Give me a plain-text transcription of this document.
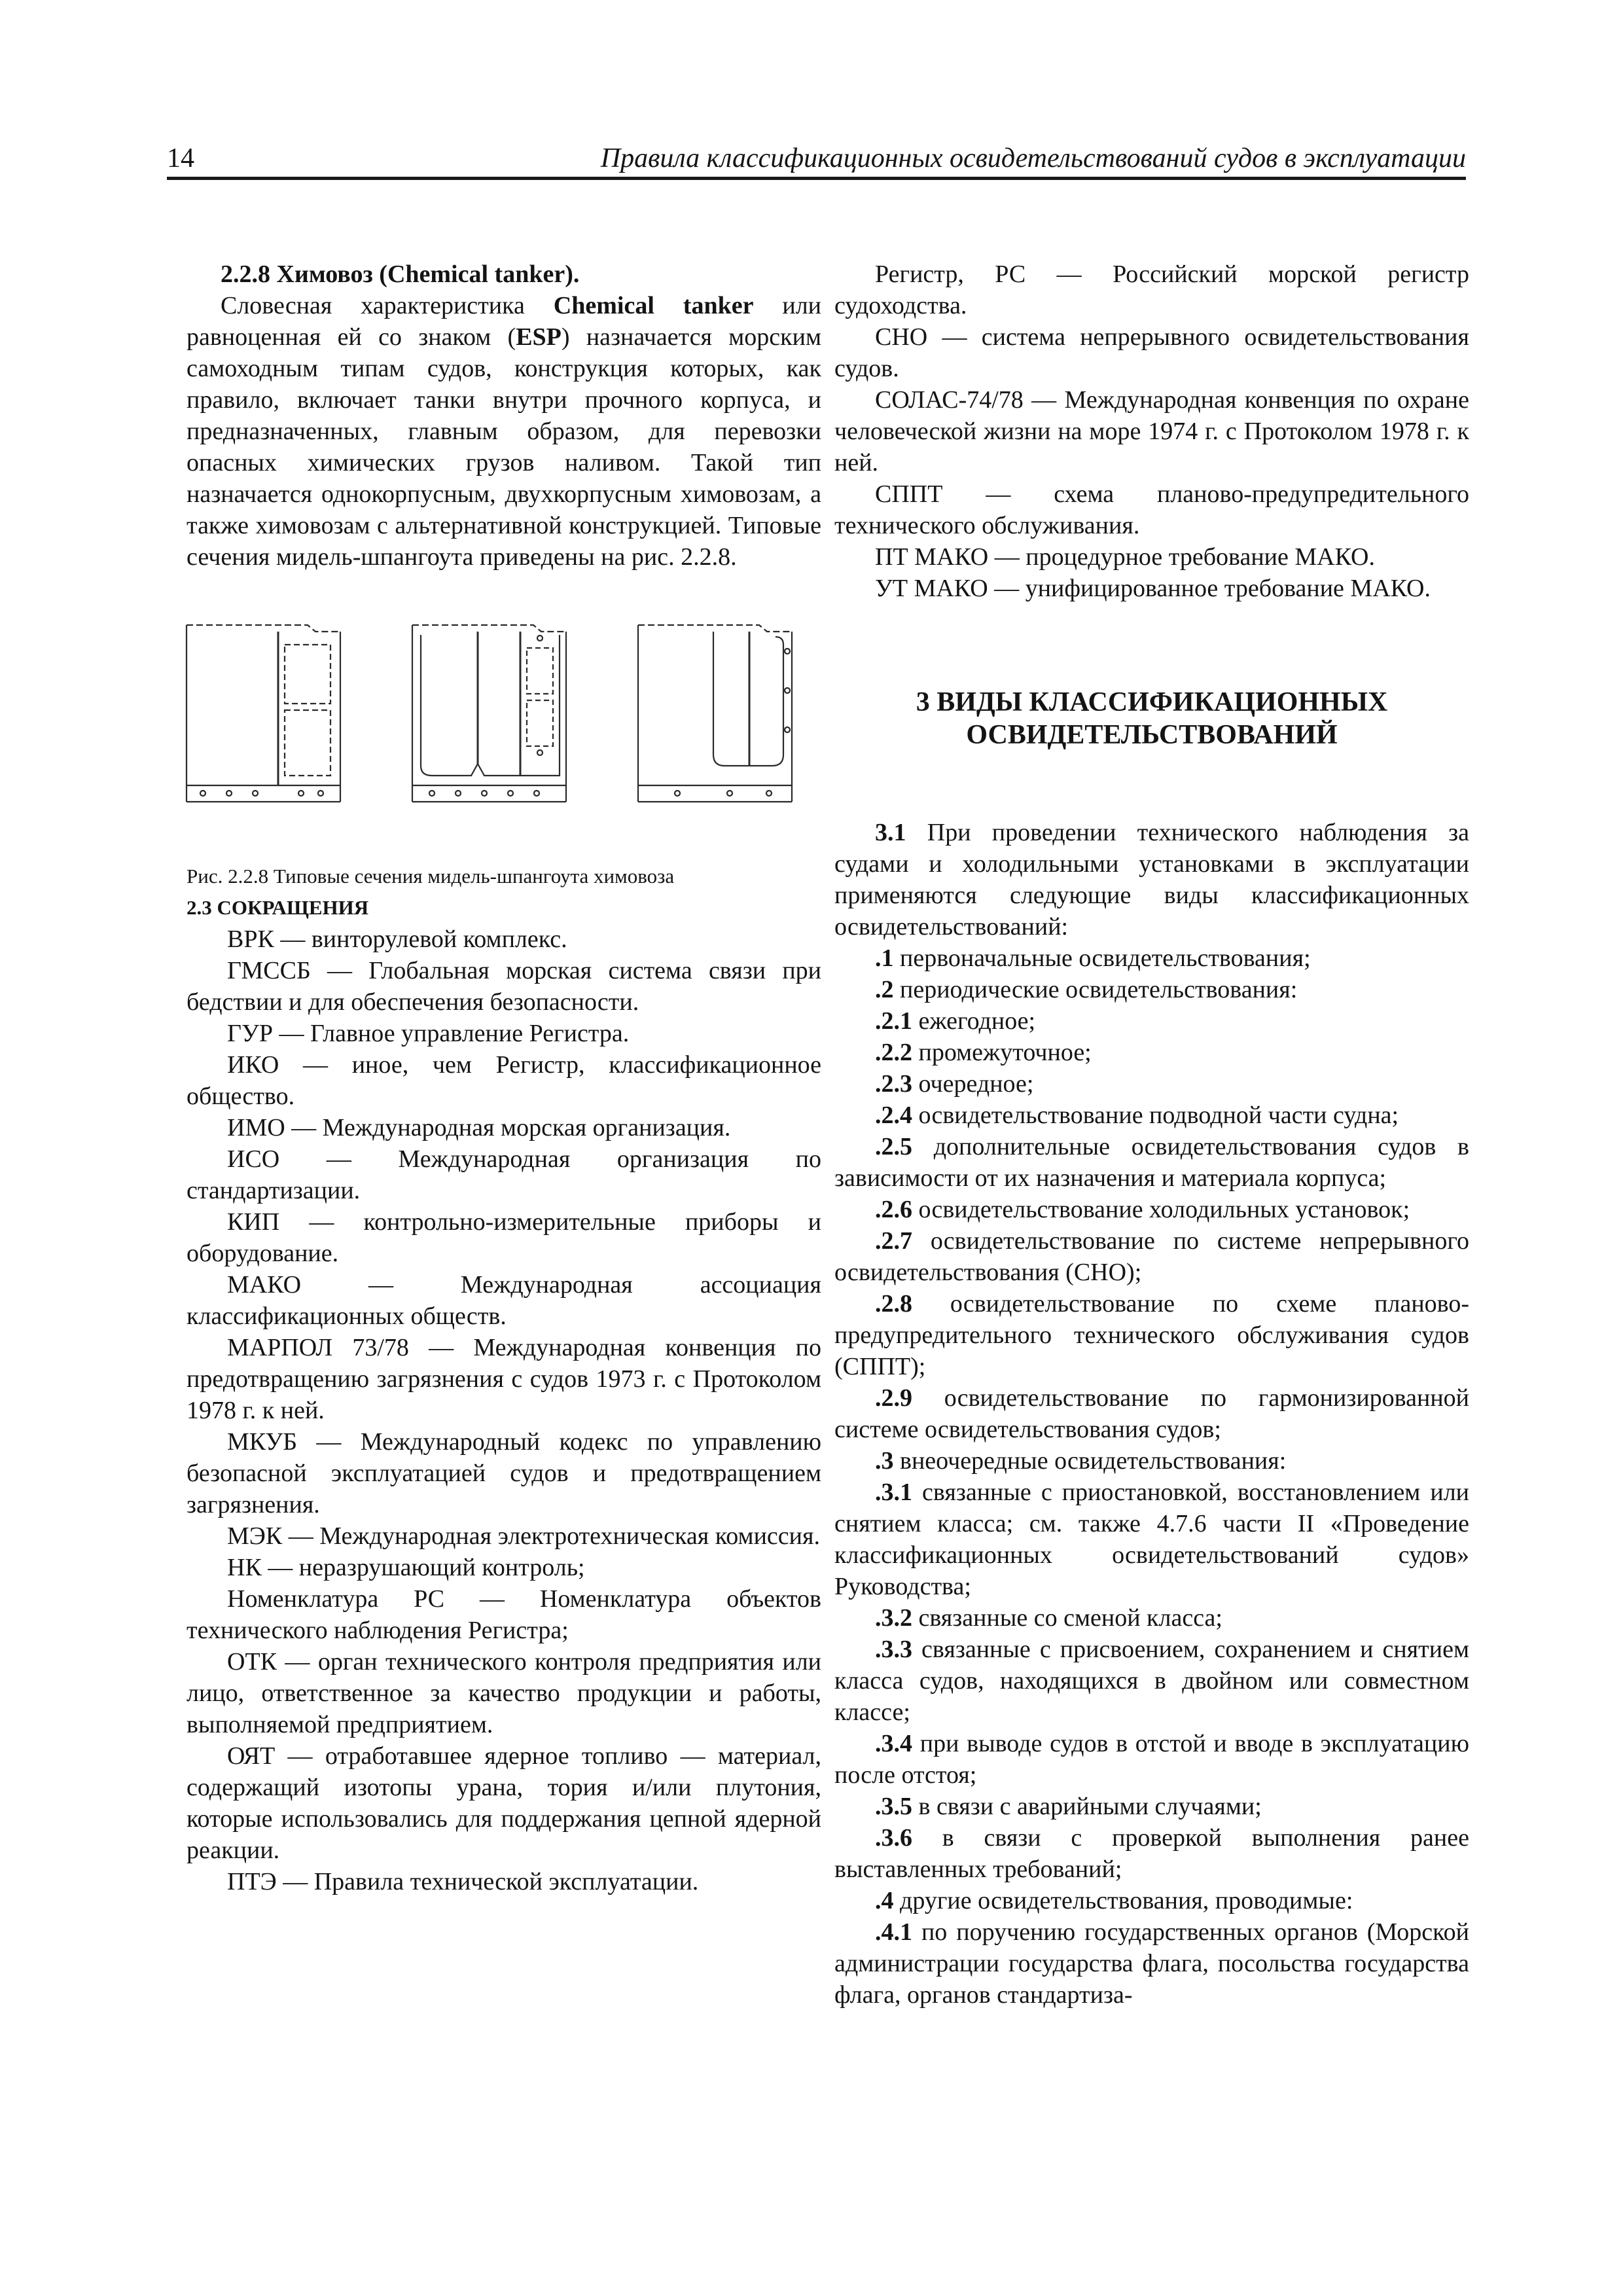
14	Правила классификационных освидетельствований судов в эксплуатации

2.2.8 Химовоз (Chemical tanker).

Словесная характеристика Chemical tanker или равноценная ей со знаком (ESP) назначается морским самоходным типам судов, конструкция которых, как правило, включает танки внутри прочного корпуса, и предназначенных, главным образом, для перевозки опасных химических грузов наливом. Такой тип назначается однокорпусным, двухкорпусным химовозам, а также химовозам с альтернативной конструкцией. Типовые сечения мидель-шпангоута приведены на рис. 2.2.8.

Рис. 2.2.8 Типовые сечения мидель-шпангоута химовоза

2.3 СОКРАЩЕНИЯ

ВРК — винторулевой комплекс.

ГМССБ — Глобальная морская система связи при бедствии и для обеспечения безопасности.

ГУР — Главное управление Регистра.

ИКО — иное, чем Регистр, классификационное общество.

ИМО — Международная морская организация.

ИСО — Международная организация по стандартизации.

КИП — контрольно-измерительные приборы и оборудование.

МАКО — Международная ассоциация классификационных обществ.

МАРПОЛ 73/78 — Международная конвенция по предотвращению загрязнения с судов 1973 г. с Протоколом 1978 г. к ней.

МКУБ — Международный кодекс по управлению безопасной эксплуатацией судов и предотвращением загрязнения.

МЭК — Международная электротехническая комиссия.

НК — неразрушающий контроль;

Номенклатура РС — Номенклатура объектов технического наблюдения Регистра;

ОТК — орган технического контроля предприятия или лицо, ответственное за качество продукции и работы, выполняемой предприятием.

ОЯТ — отработавшее ядерное топливо — материал, содержащий изотопы урана, тория и/или плутония, которые использовались для поддержания цепной ядерной реакции.

ПТЭ — Правила технической эксплуатации.

Регистр, РС — Российский морской регистр судоходства.

СНО — система непрерывного освидетельствования судов.

СОЛАС-74/78 — Международная конвенция по охране человеческой жизни на море 1974 г. с Протоколом 1978 г. к ней.

СППТ — схема планово-предупредительного технического обслуживания.

ПТ МАКО — процедурное требование МАКО.

УТ МАКО — унифицированное требование МАКО.

3 ВИДЫ КЛАССИФИКАЦИОННЫХ
ОСВИДЕТЕЛЬСТВОВАНИЙ

3.1 При проведении технического наблюдения за судами и холодильными установками в эксплуатации применяются следующие виды классификационных освидетельствований:

.1 первоначальные освидетельствования;

.2 периодические освидетельствования:

.2.1 ежегодное;

.2.2 промежуточное;

.2.3 очередное;

.2.4 освидетельствование подводной части судна;

.2.5 дополнительные освидетельствования судов в зависимости от их назначения и материала корпуса;

.2.6 освидетельствование холодильных установок;

.2.7 освидетельствование по системе непрерывного освидетельствования (СНО);

.2.8 освидетельствование по схеме планово-предупредительного технического обслуживания судов (СППТ);

.2.9 освидетельствование по гармонизированной системе освидетельствования судов;

.3 внеочередные освидетельствования:

.3.1 связанные с приостановкой, восстановлением или снятием класса; см. также 4.7.6 части II «Проведение классификационных освидетельствований судов» Руководства;

.3.2 связанные со сменой класса;

.3.3 связанные с присвоением, сохранением и снятием класса судов, находящихся в двойном или совместном классе;

.3.4 при выводе судов в отстой и вводе в эксплуатацию после отстоя;

.3.5 в связи с аварийными случаями;

.3.6 в связи с проверкой выполнения ранее выставленных требований;

.4 другие освидетельствования, проводимые:

.4.1 по поручению государственных органов (Морской администрации государства флага, посольства государства флага, органов стандартиза-
